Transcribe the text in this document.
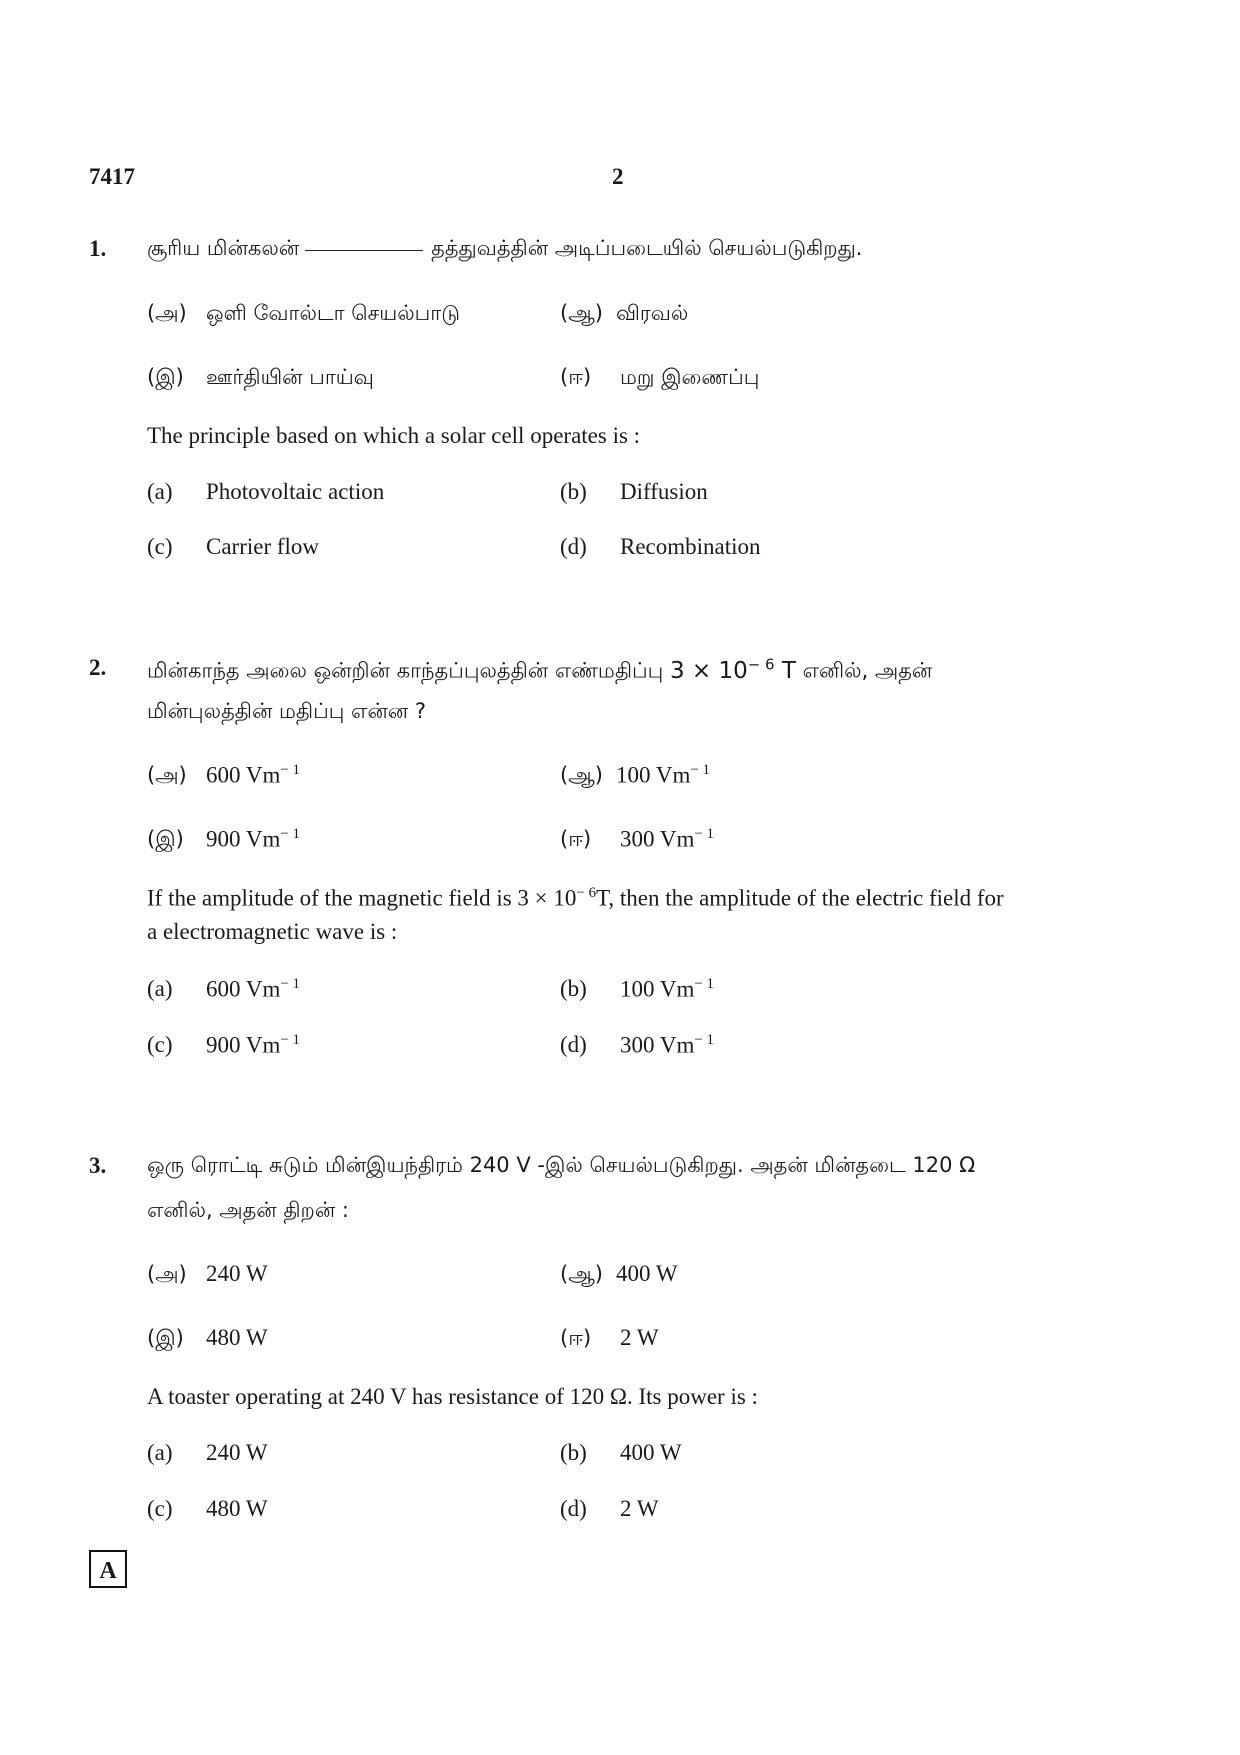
7417	2
1. சூரிய மின்கலன்	தத்துவத்தின் அடிப்படையில் செயல்படுகிறது.
(அ) ஒளி வோல்டா செயல்பாடு	(ஆ) விரவல்
(இ) ஊர்தியின் பாய்வு	(ஈ) மறு இணைப்பு
The principle based on which a solar cell operates is :
(a) Photovoltaic action	(b) Diffusion
(c) Carrier flow	(d) Recombination
2. மின்காந்த அலை ஒன்றின் காந்தப்புலத்தின் எண்மதிப்பு $3 \times 10^{- 6}$ T எனில், அதன்
மின்புலத்தின் மதிப்பு என்ன ?
(அ) 600 $Vm^{- 1}$	(ஆ) 100 $Vm^{- 1}$
(இ) 900 $Vm^{- 1}$	(ஈ) 300 $Vm^{- 1}$
If the amplitude of the magnetic field is $3 \times 10^{- 6}T$, then the amplitude of the electric field for
a electromagnetic wave is :
(a) 600 $Vm^{- 1}$	(b) 100 $Vm^{- 1}$
(c) 900 $Vm^{- 1}$	(d) 300 $Vm^{- 1}$
3. ஒரு ரொட்டி சுடும் மின்இயந்திரம் 240 V -இல் செயல்படுகிறது. அதன் மின்தடை 120 Ω
எனில், அதன் திறன் :
(அ) 240 W	(ஆ) 400 W
(இ) 480 W	(ஈ) 2 W
A toaster operating at 240 V has resistance of 120 Ω. Its power is :
(a) 240 W	(b) 400 W
(c) 480 W	(d) 2 W
A
